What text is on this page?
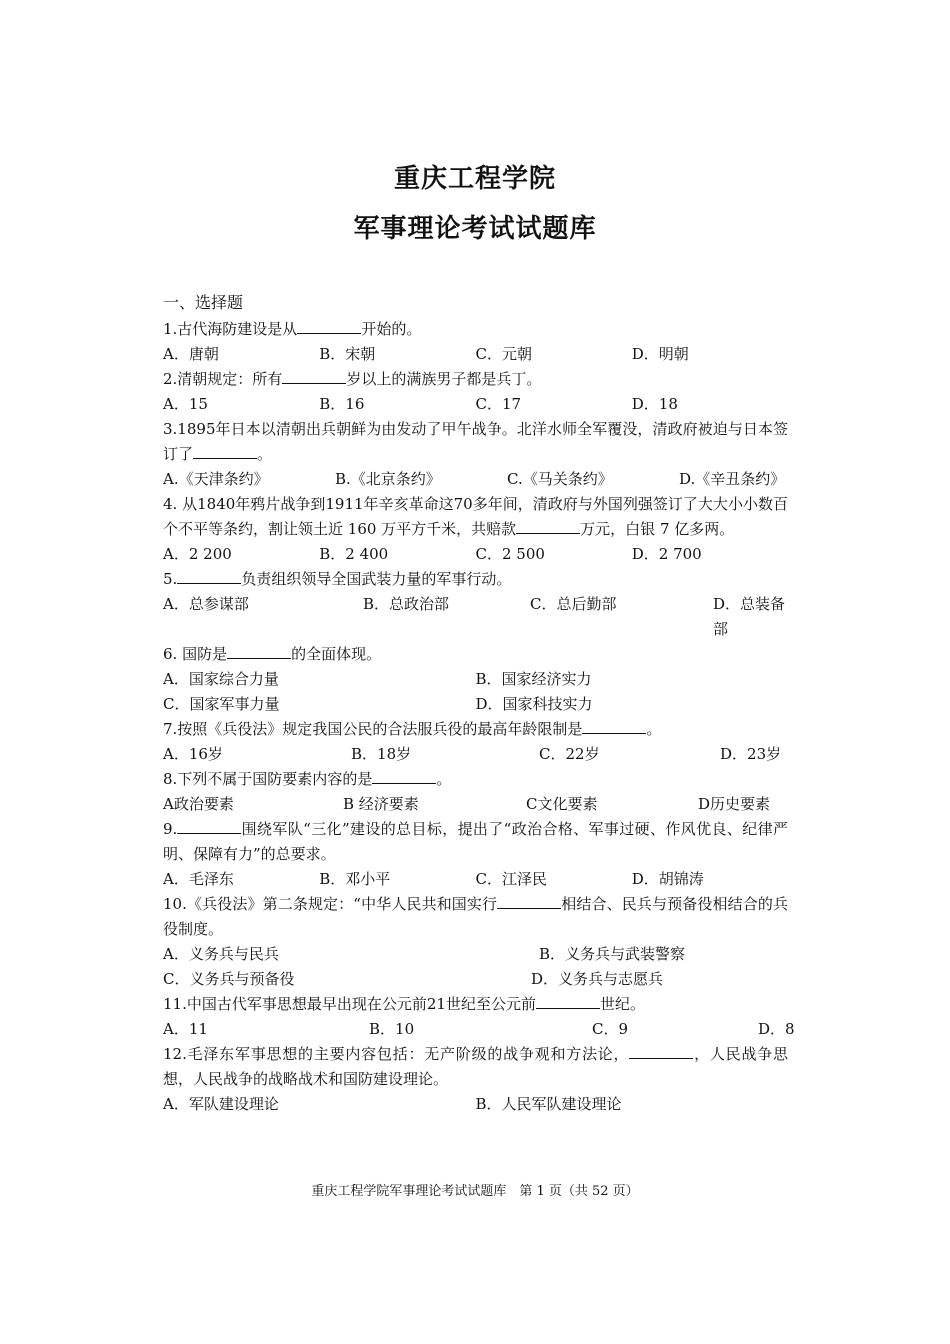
重庆工程学院
军事理论考试试题库
一、选择题

1.古代海防建设是从	开始的。

A．唐朝	B．宋朝	C．元朝	D．明朝

2.清朝规定：所有	岁以上的满族男子都是兵丁。

A．15	B．16	C．17	D．18

3.1895年日本以清朝出兵朝鲜为由发动了甲午战争。北洋水师全军覆没，清政府被迫与日本签订了	。

A.《天津条约》	B.《北京条约》	C.《马关条约》	D.《辛丑条约》

4. 从1840年鸦片战争到1911年辛亥革命这70多年间，清政府与外国列强签订了大大小小数百个不平等条约，割让领土近 160 万平方千米，共赔款	万元，白银 7 亿多两。

A．2 200	B．2 400	C．2 500	D．2 700

5.	负责组织领导全国武装力量的军事行动。

A．总参谋部	B．总政治部	C．总后勤部	D．总装备部

6. 国防是	的全面体现。

A．国家综合力量	B．国家经济实力
C．国家军事力量	D．国家科技实力

7.按照《兵役法》规定我国公民的合法服兵役的最高年龄限制是	。

A．16岁	B．18岁	C．22岁	D．23岁

8.下列不属于国防要素内容的是	。

A政治要素	B 经济要素	C文化要素	D历史要素

9.	围绕军队“三化”建设的总目标，提出了“政治合格、军事过硬、作风优良、纪律严明、保障有力”的总要求。

A．毛泽东	B．邓小平	C．江泽民	D．胡锦涛

10.《兵役法》第二条规定：“中华人民共和国实行	相结合、民兵与预备役相结合的兵役制度。

A．义务兵与民兵	B．义务兵与武装警察
C．义务兵与预备役	D．义务兵与志愿兵

11.中国古代军事思想最早出现在公元前21世纪至公元前	世纪。

A．11	B．10	C．9	D．8

12.毛泽东军事思想的主要内容包括：无产阶级的战争观和方法论，	，人民战争思想，人民战争的战略战术和国防建设理论。

A．军队建设理论	B．人民军队建设理论
重庆工程学院军事理论考试试题库　第 1 页（共 52 页）
